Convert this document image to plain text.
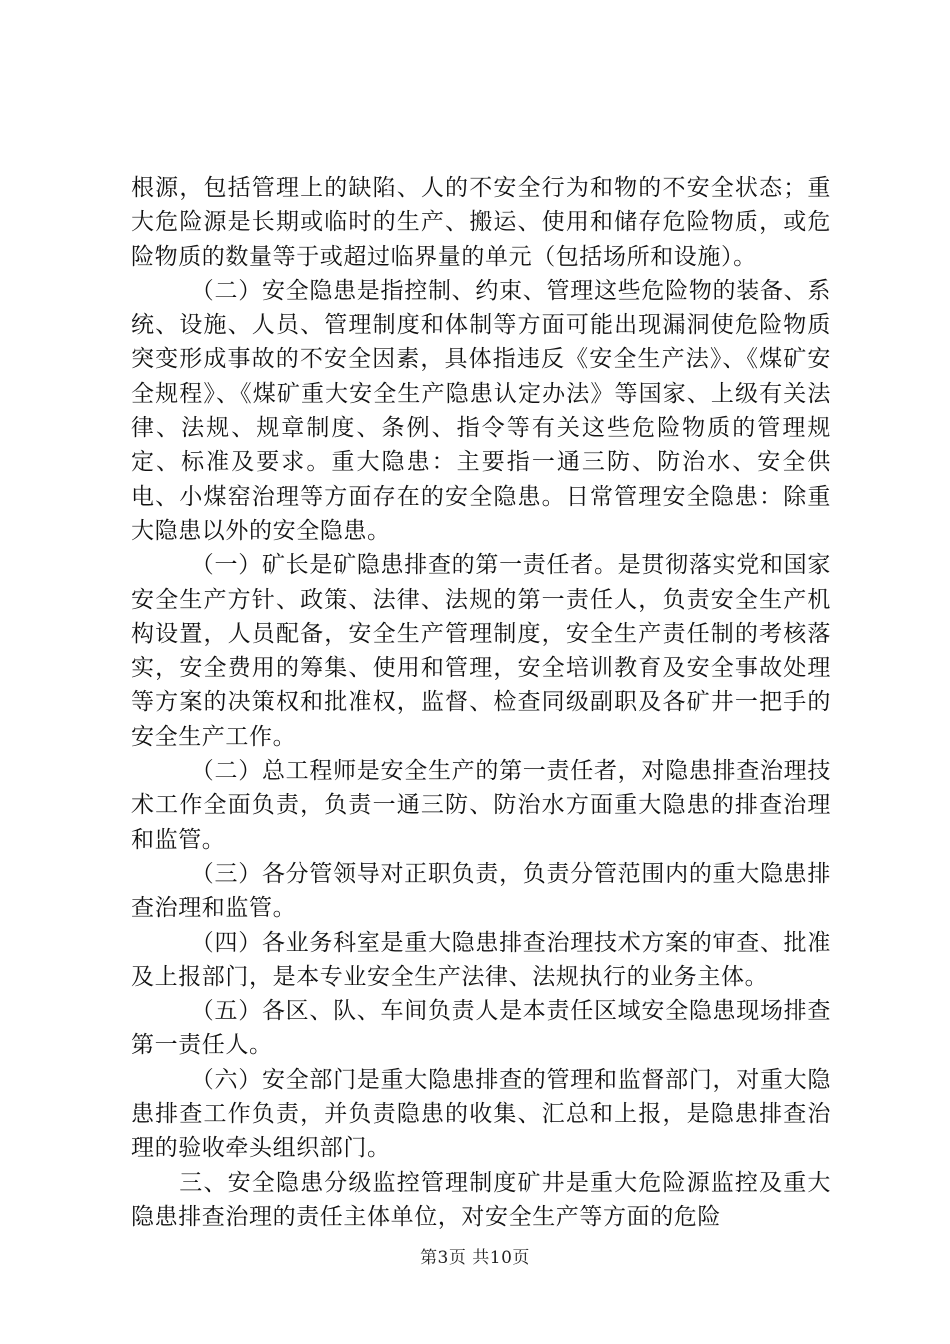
根源，包括管理上的缺陷、人的不安全行为和物的不安全状态；重大危险源是长期或临时的生产、搬运、使用和储存危险物质，或危险物质的数量等于或超过临界量的单元（包括场所和设施）。

（二）安全隐患是指控制、约束、管理这些危险物的装备、系统、设施、人员、管理制度和体制等方面可能出现漏洞使危险物质突变形成事故的不安全因素，具体指违反《安全生产法》、《煤矿安全规程》、《煤矿重大安全生产隐患认定办法》等国家、上级有关法律、法规、规章制度、条例、指令等有关这些危险物质的管理规定、标准及要求。重大隐患：主要指一通三防、防治水、安全供电、小煤窑治理等方面存在的安全隐患。日常管理安全隐患：除重大隐患以外的安全隐患。

（一）矿长是矿隐患排查的第一责任者。是贯彻落实党和国家安全生产方针、政策、法律、法规的第一责任人，负责安全生产机构设置，人员配备，安全生产管理制度，安全生产责任制的考核落实，安全费用的筹集、使用和管理，安全培训教育及安全事故处理等方案的决策权和批准权，监督、检查同级副职及各矿井一把手的安全生产工作。

（二）总工程师是安全生产的第一责任者，对隐患排查治理技术工作全面负责，负责一通三防、防治水方面重大隐患的排查治理和监管。

（三）各分管领导对正职负责，负责分管范围内的重大隐患排查治理和监管。

（四）各业务科室是重大隐患排查治理技术方案的审查、批准及上报部门，是本专业安全生产法律、法规执行的业务主体。

（五）各区、队、车间负责人是本责任区域安全隐患现场排查第一责任人。

（六）安全部门是重大隐患排查的管理和监督部门，对重大隐患排查工作负责，并负责隐患的收集、汇总和上报，是隐患排查治理的验收牵头组织部门。

三、安全隐患分级监控管理制度矿井是重大危险源监控及重大隐患排查治理的责任主体单位，对安全生产等方面的危险

第3页 共10页
